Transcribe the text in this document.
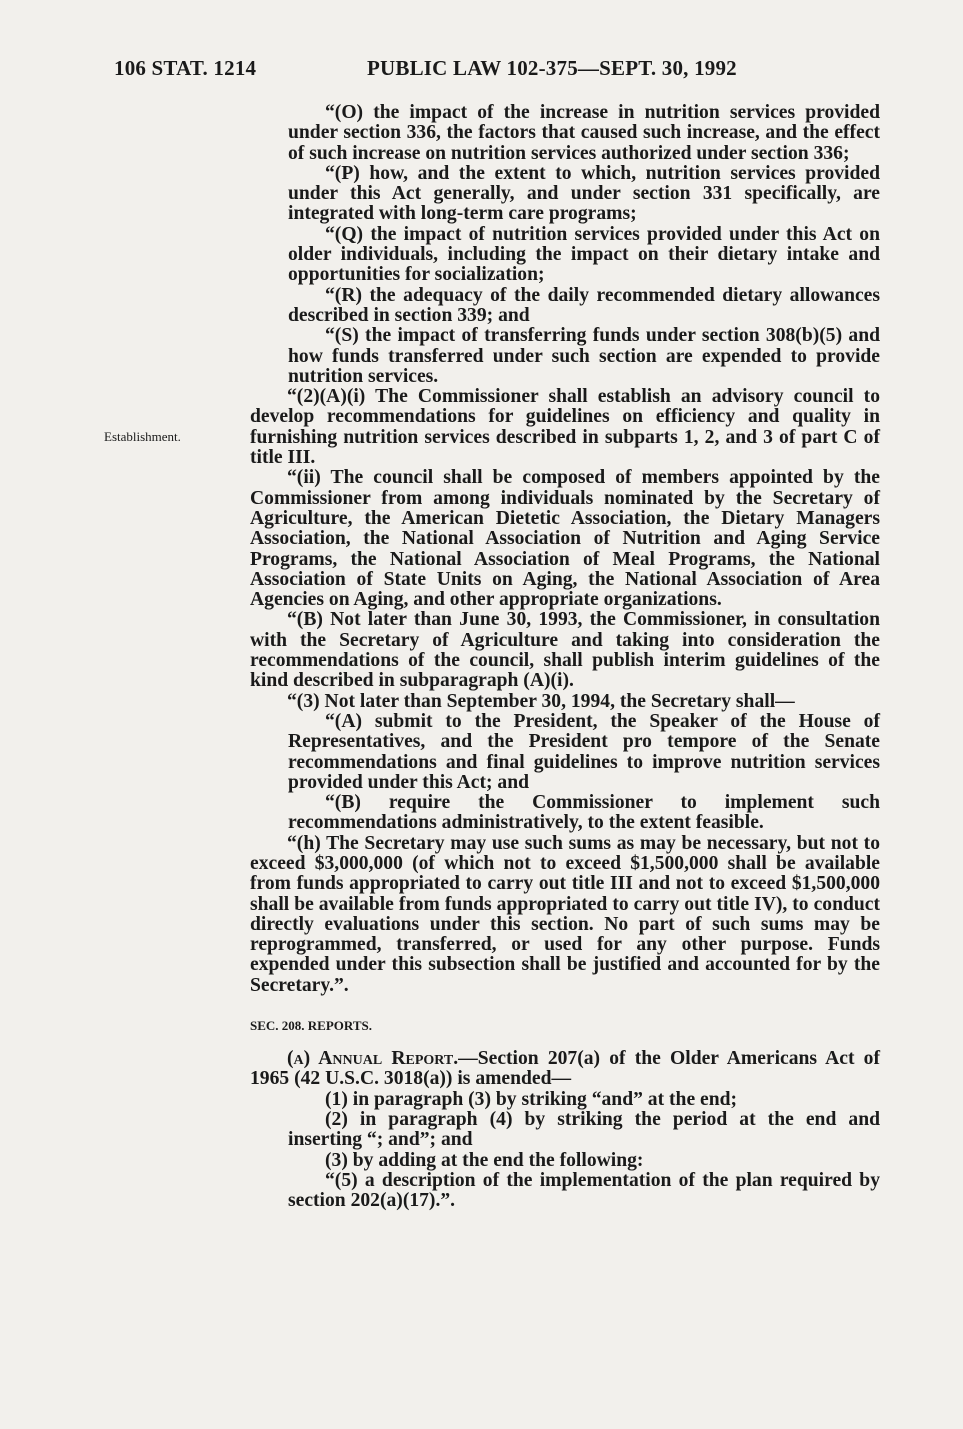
106 STAT. 1214	PUBLIC LAW 102-375—SEPT. 30, 1992
Establishment.

“(O) the impact of the increase in nutrition services provided under section 336, the factors that caused such increase, and the effect of such increase on nutrition services authorized under section 336;

“(P) how, and the extent to which, nutrition services provided under this Act generally, and under section 331 specifically, are integrated with long-term care programs;

“(Q) the impact of nutrition services provided under this Act on older individuals, including the impact on their dietary intake and opportunities for socialization;

“(R) the adequacy of the daily recommended dietary allowances described in section 339; and

“(S) the impact of transferring funds under section 308(b)(5) and how funds transferred under such section are expended to provide nutrition services.

“(2)(A)(i) The Commissioner shall establish an advisory council to develop recommendations for guidelines on efficiency and quality in furnishing nutrition services described in subparts 1, 2, and 3 of part C of title III.

“(ii) The council shall be composed of members appointed by the Commissioner from among individuals nominated by the Secretary of Agriculture, the American Dietetic Association, the Dietary Managers Association, the National Association of Nutrition and Aging Service Programs, the National Association of Meal Programs, the National Association of State Units on Aging, the National Association of Area Agencies on Aging, and other appropriate organizations.

“(B) Not later than June 30, 1993, the Commissioner, in consultation with the Secretary of Agriculture and taking into consideration the recommendations of the council, shall publish interim guidelines of the kind described in subparagraph (A)(i).

“(3) Not later than September 30, 1994, the Secretary shall—

“(A) submit to the President, the Speaker of the House of Representatives, and the President pro tempore of the Senate recommendations and final guidelines to improve nutrition services provided under this Act; and

“(B) require the Commissioner to implement such recommendations administratively, to the extent feasible.

“(h) The Secretary may use such sums as may be necessary, but not to exceed $3,000,000 (of which not to exceed $1,500,000 shall be available from funds appropriated to carry out title III and not to exceed $1,500,000 shall be available from funds appropriated to carry out title IV), to conduct directly evaluations under this section. No part of such sums may be reprogrammed, transferred, or used for any other purpose. Funds expended under this subsection shall be justified and accounted for by the Secretary.”.

SEC. 208. REPORTS.

(a) Annual Report.—Section 207(a) of the Older Americans Act of 1965 (42 U.S.C. 3018(a)) is amended—

(1) in paragraph (3) by striking “and” at the end;

(2) in paragraph (4) by striking the period at the end and inserting “; and”; and

(3) by adding at the end the following:

“(5) a description of the implementation of the plan required by section 202(a)(17).”.
